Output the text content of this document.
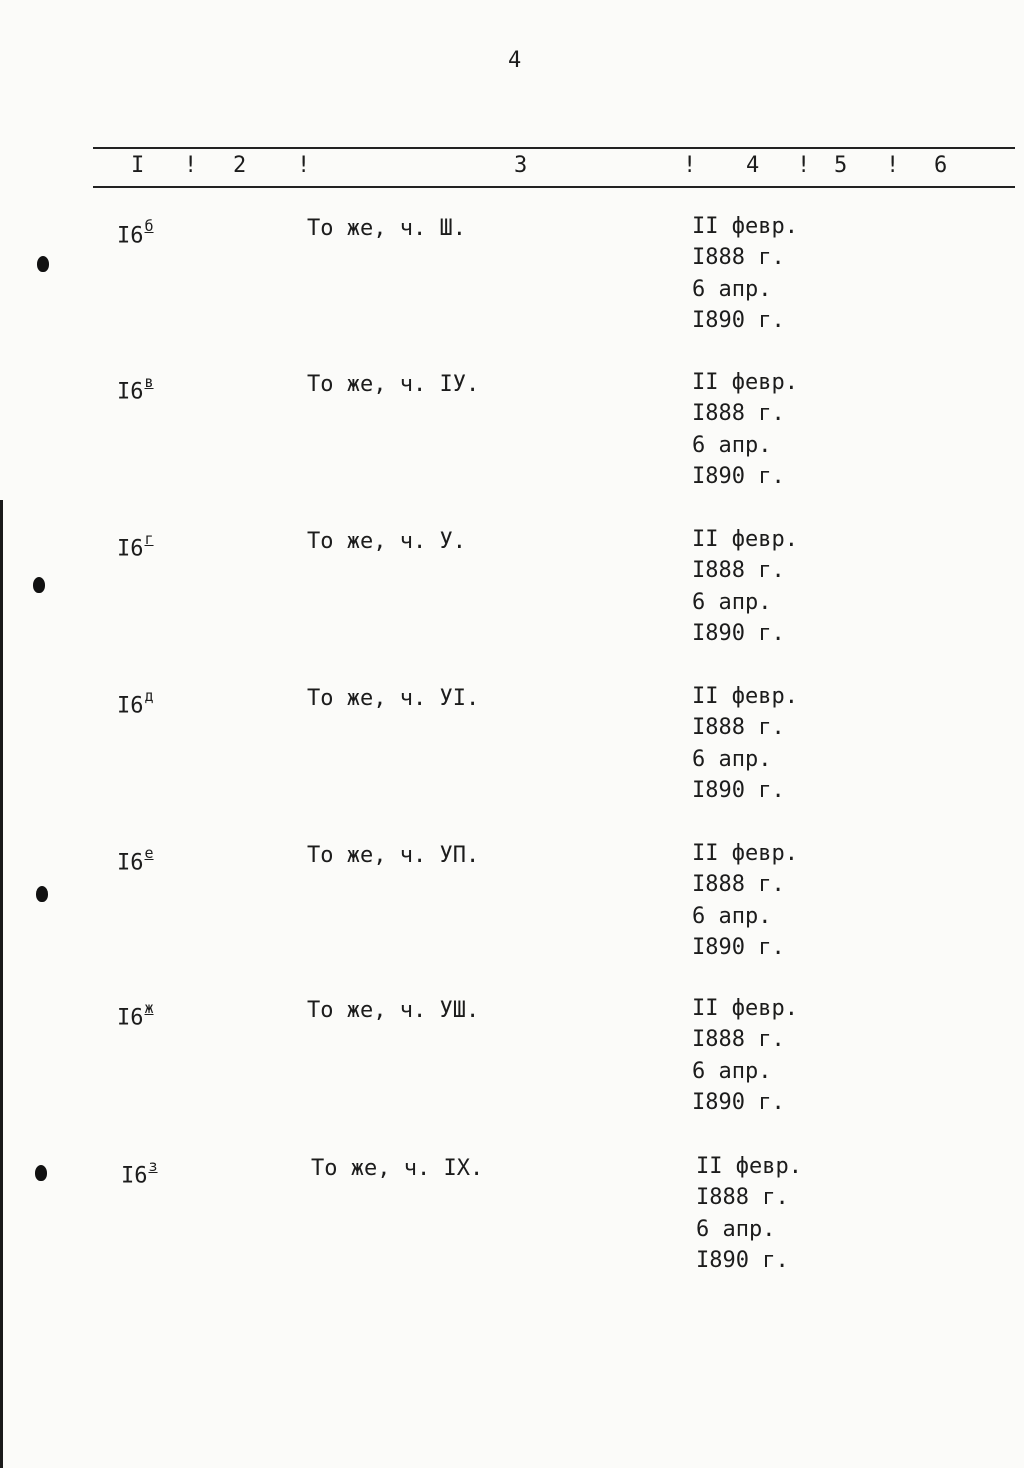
4
I ! 2 !	3	! 4 ! 5 ! 6
$I6^б$	То же, ч. Ш.	II февр.
I888 г.
6 апр.
I890 г.
$I6^в$	То же, ч. IУ.	II февр.
I888 г.
6 апр.
I890 г.
$I6^г$	То же, ч. У.	II февр.
I888 г.
6 апр.
I890 г.
$I6^д$	То же, ч. УI.	II февр.
I888 г.
6 апр.
I890 г.
$I6^е$	То же, ч. УП.	II февр.
I888 г.
6 апр.
I890 г.
$I6^ж$	То же, ч. УШ.	II февр.
I888 г.
6 апр.
I890 г.
$I6^з$	То же, ч. IХ.	II февр.
I888 г.
6 апр.
I890 г.
